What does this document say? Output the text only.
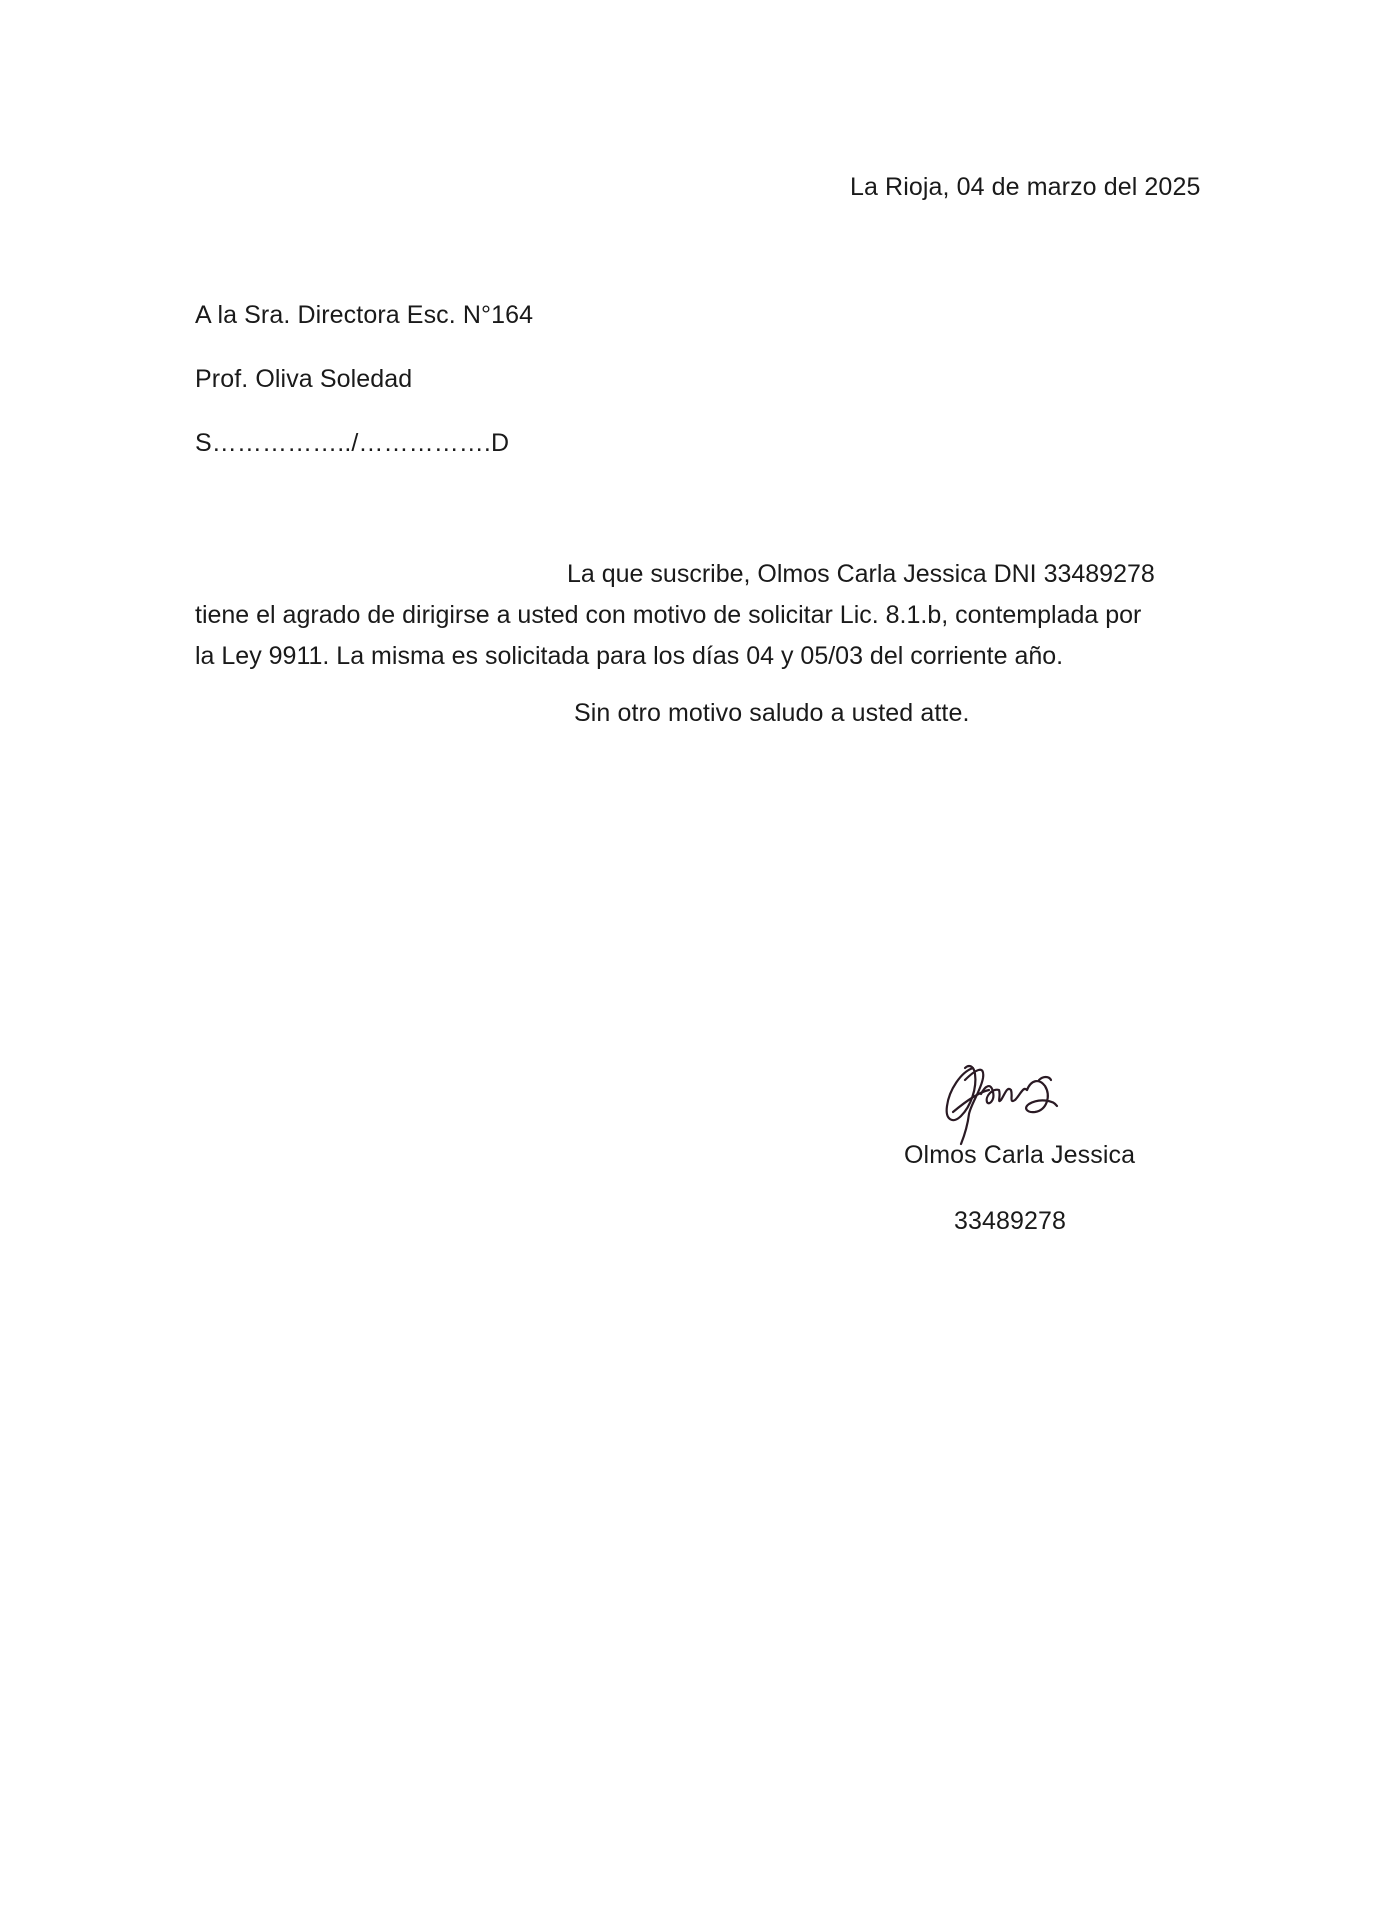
La Rioja, 04 de marzo del 2025
A la Sra. Directora Esc. N°164
Prof. Oliva Soledad
S……………../…………….D
La que suscribe, Olmos Carla Jessica DNI 33489278
tiene el agrado de dirigirse a usted con motivo de solicitar Lic. 8.1.b, contemplada por
la Ley 9911. La misma es solicitada para los días 04 y 05/03 del corriente año.
Sin otro motivo saludo a usted atte.
Olmos Carla Jessica
33489278
